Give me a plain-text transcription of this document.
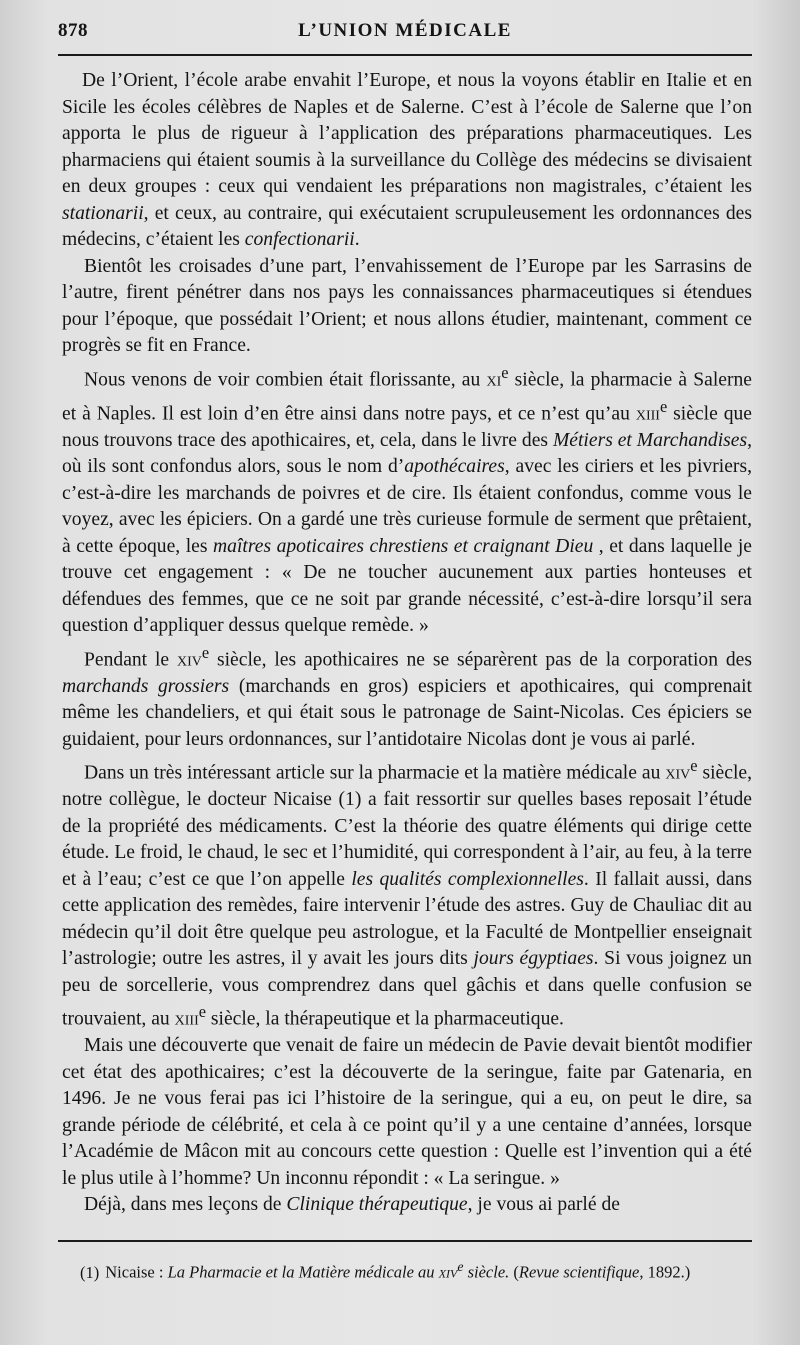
878	L’UNION MÉDICALE

De l’Orient, l’école arabe envahit l’Europe, et nous la voyons établir en Italie et en Sicile les écoles célèbres de Naples et de Salerne. C’est à l’école de Salerne que l’on apporta le plus de rigueur à l’application des préparations pharmaceutiques. Les pharmaciens qui étaient soumis à la surveillance du Collège des médecins se divisaient en deux groupes : ceux qui vendaient les préparations non magistrales, c’étaient les stationarii, et ceux, au contraire, qui exécutaient scrupuleusement les ordonnances des médecins, c’étaient les confectionarii.

Bientôt les croisades d’une part, l’envahissement de l’Europe par les Sarrasins de l’autre, firent pénétrer dans nos pays les connaissances pharmaceutiques si étendues pour l’époque, que possédait l’Orient; et nous allons étudier, maintenant, comment ce progrès se fit en France.

Nous venons de voir combien était florissante, au $xi^e$ siècle, la pharmacie à Salerne et à Naples. Il est loin d’en être ainsi dans notre pays, et ce n’est qu’au xiii$^e$ siècle que nous trouvons trace des apothicaires, et, cela, dans le livre des Métiers et Marchandises, où ils sont confondus alors, sous le nom d’apothécaires, avec les ciriers et les pivriers, c’est-à-dire les marchands de poivres et de cire. Ils étaient confondus, comme vous le voyez, avec les épiciers. On a gardé une très curieuse formule de serment que prêtaient, à cette époque, les maîtres apoticaires chrestiens et craignant Dieu , et dans laquelle je trouve cet engagement : « De ne toucher aucunement aux parties honteuses et défendues des femmes, que ce ne soit par grande nécessité, c’est-à-dire lorsqu’il sera question d’appliquer dessus quelque remède. »

Pendant le xiv$^e$ siècle, les apothicaires ne se séparèrent pas de la corporation des marchands grossiers (marchands en gros) espiciers et apothicaires, qui comprenait même les chandeliers, et qui était sous le patronage de Saint-Nicolas. Ces épiciers se guidaient, pour leurs ordonnances, sur l’antidotaire Nicolas dont je vous ai parlé.

Dans un très intéressant article sur la pharmacie et la matière médicale au xiv$^e$ siècle, notre collègue, le docteur Nicaise (1) a fait ressortir sur quelles bases reposait l’étude de la propriété des médicaments. C’est la théorie des quatre éléments qui dirige cette étude. Le froid, le chaud, le sec et l’humidité, qui correspondent à l’air, au feu, à la terre et à l’eau; c’est ce que l’on appelle les qualités complexionnelles. Il fallait aussi, dans cette application des remèdes, faire intervenir l’étude des astres. Guy de Chauliac dit au médecin qu’il doit être quelque peu astrologue, et la Faculté de Montpellier enseignait l’astrologie; outre les astres, il y avait les jours dits jours égyptiaes. Si vous joignez un peu de sorcellerie, vous comprendrez dans quel gâchis et dans quelle confusion se trouvaient, au xiii$^e$ siècle, la thérapeutique et la pharmaceutique.

Mais une découverte que venait de faire un médecin de Pavie devait bientôt modifier cet état des apothicaires; c’est la découverte de la seringue, faite par Gatenaria, en 1496. Je ne vous ferai pas ici l’histoire de la seringue, qui a eu, on peut le dire, sa grande période de célébrité, et cela à ce point qu’il y a une centaine d’années, lorsque l’Académie de Mâcon mit au concours cette question : Quelle est l’invention qui a été le plus utile à l’homme? Un inconnu répondit : « La seringue. »

Déjà, dans mes leçons de Clinique thérapeutique, je vous ai parlé de

(1) Nicaise : La Pharmacie et la Matière médicale au xiv$^e$ siècle. (Revue scientifique, 1892.)
